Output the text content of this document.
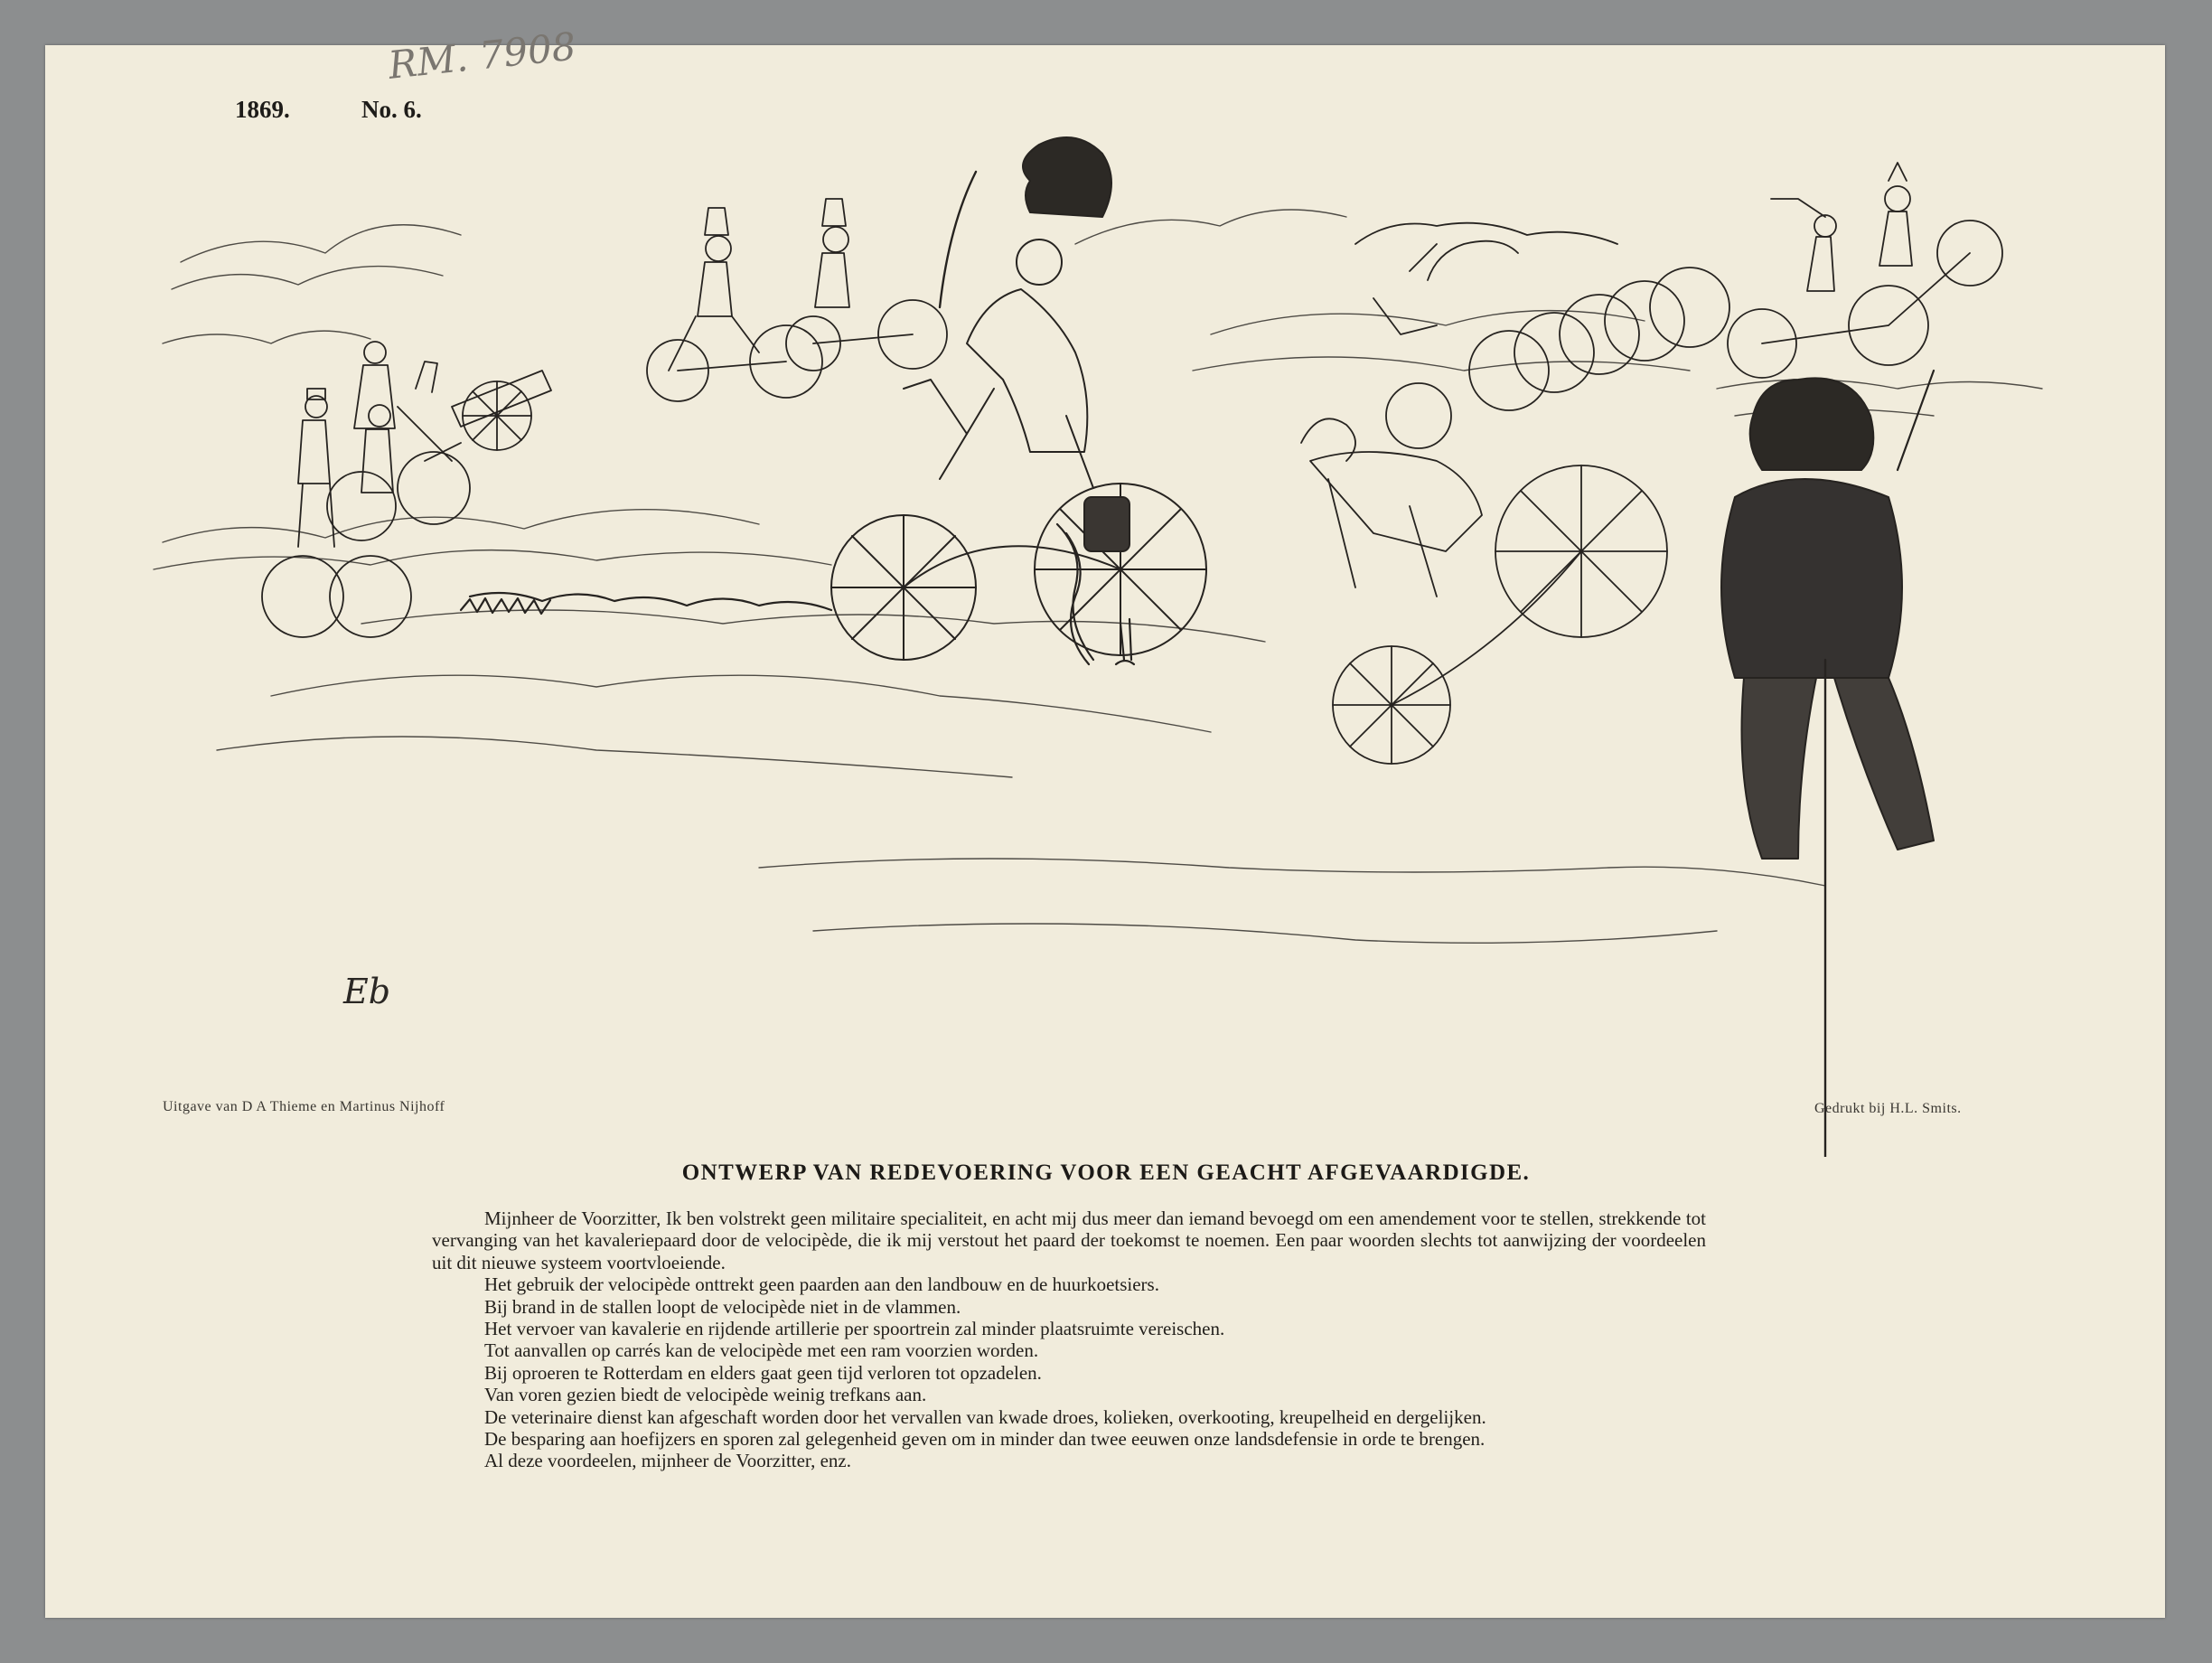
1869.	No. 6.
RM. 7908
Eb
Uitgave van D A Thieme en Martinus Nijhoff	Gedrukt bij H.L. Smits.
ONTWERP VAN REDEVOERING VOOR EEN GEACHT AFGEVAARDIGDE.

Mijnheer de Voorzitter, Ik ben volstrekt geen militaire specialiteit, en acht mij dus meer dan iemand bevoegd om een amendement voor te stellen, strekkende tot vervanging van het kavaleriepaard door de velocipède, die ik mij verstout het paard der toekomst te noemen. Een paar woorden slechts tot aanwijzing der voordeelen uit dit nieuwe systeem voortvloeiende.

Het gebruik der velocipède onttrekt geen paarden aan den landbouw en de huurkoetsiers.

Bij brand in de stallen loopt de velocipède niet in de vlammen.

Het vervoer van kavalerie en rijdende artillerie per spoortrein zal minder plaatsruimte vereischen.

Tot aanvallen op carrés kan de velocipède met een ram voorzien worden.

Bij oproeren te Rotterdam en elders gaat geen tijd verloren tot opzadelen.

Van voren gezien biedt de velocipède weinig trefkans aan.

De veterinaire dienst kan afgeschaft worden door het vervallen van kwade droes, kolieken, overkooting, kreupelheid en dergelijken.

De besparing aan hoefijzers en sporen zal gelegenheid geven om in minder dan twee eeuwen onze landsdefensie in orde te brengen.

Al deze voordeelen, mijnheer de Voorzitter, enz.
